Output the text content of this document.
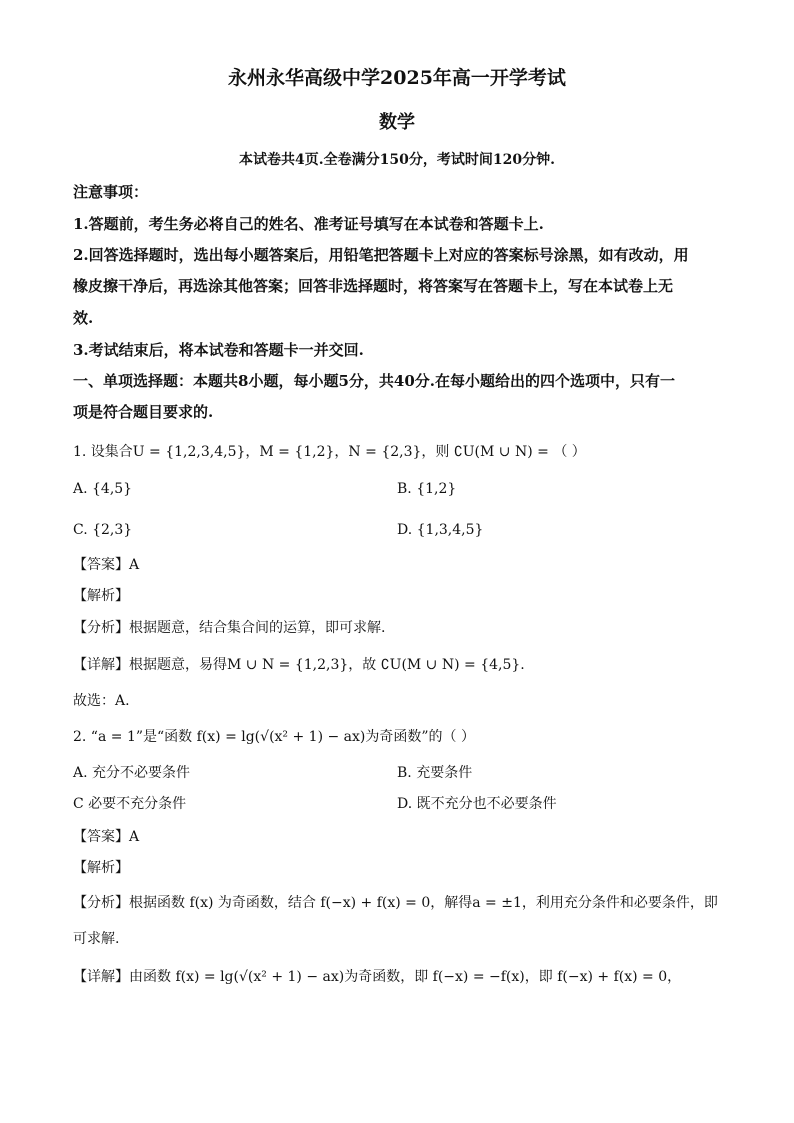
永州永华高级中学2025年高一开学考试
数学
本试卷共4页.全卷满分150分，考试时间120分钟.
注意事项：
1.答题前，考生务必将自己的姓名、准考证号填写在本试卷和答题卡上.
2.回答选择题时，选出每小题答案后，用铅笔把答题卡上对应的答案标号涂黑，如有改动，用
橡皮擦干净后，再选涂其他答案；回答非选择题时，将答案写在答题卡上，写在本试卷上无
效.
3.考试结束后，将本试卷和答题卡一并交回.
一、单项选择题：本题共8小题，每小题5分，共40分.在每小题给出的四个选项中，只有一
项是符合题目要求的.
1. 设集合U = {1,2,3,4,5}，M = {1,2}，N = {2,3}，则 ∁U(M ∪ N) = （ ）
A. {4,5}	B. {1,2}
C. {2,3}	D. {1,3,4,5}
【答案】A
【解析】
【分析】根据题意，结合集合间的运算，即可求解.
【详解】根据题意，易得M ∪ N = {1,2,3}，故 ∁U(M ∪ N) = {4,5}.
故选：A.
2. “a = 1”是“函数 f(x) = lg(√(x² + 1) − ax)为奇函数”的（ ）
A. 充分不必要条件	B. 充要条件
C 必要不充分条件	D. 既不充分也不必要条件
【答案】A
【解析】
【分析】根据函数 f(x) 为奇函数，结合 f(−x) + f(x) = 0，解得a = ±1，利用充分条件和必要条件，即
可求解.
【详解】由函数 f(x) = lg(√(x² + 1) − ax)为奇函数，即 f(−x) = −f(x)，即 f(−x) + f(x) = 0，
